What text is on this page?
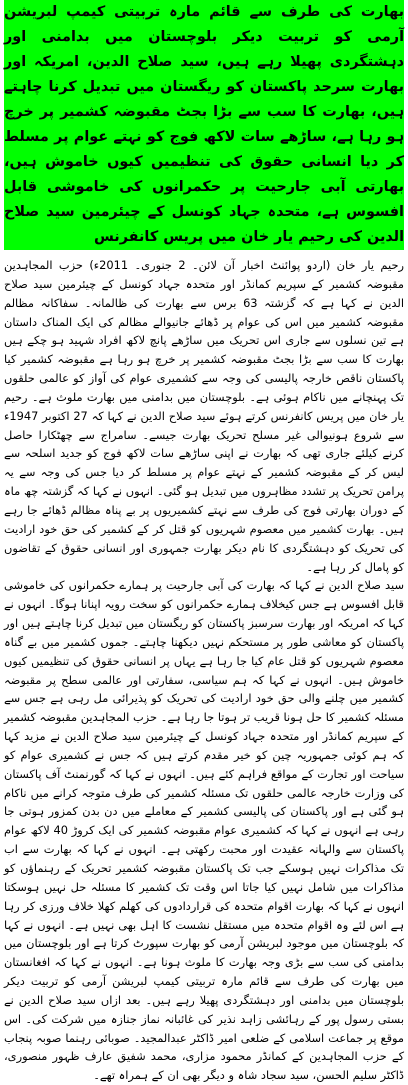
بھارت کی طرف سے قائم مارہ تربیتی کیمپ لبریشن آرمی کو تربیت دیکر بلوچستان میں بدامنی اور دہشتگردی پھیلا رہے ہیں، سید صلاح الدین، امریکہ اور بھارت سرحد پاکستان کو ریگستان میں تبدیل کرنا چاہتے ہیں، بھارت کا سب سے بڑا بجٹ مقبوضہ کشمیر پر خرچ ہو رہا ہے، ساڑھے سات لاکھ فوج کو نہتے عوام پر مسلط کر دیا انسانی حقوق کی تنظیمیں کیوں خاموش ہیں، بھارتی آبی جارحیت پر حکمرانوں کی خاموشی قابل افسوس ہے، متحدہ جہاد کونسل کے چیئرمین سید صلاح الدین کی رحیم یار خان میں پریس کانفرنس

رحیم یار خان (اردو پوائنٹ اخبار آن لائن۔ 2 جنوری۔ 2011ء) حزب المجاہدین مقبوضہ کشمیر کے سپریم کمانڈر اور متحدہ جہاد کونسل کے چیئرمین سید صلاح الدین نے کہا ہے کہ گزشتہ 63 برس سے بھارت کی ظالمانہ۔ سفاکانہ مظالم مقبوضہ کشمیر میں اس کی عوام پر ڈھائے جانیوالے مظالم کی ایک المناک داستان ہے تین نسلوں سے جاری اس تحریک میں ساڑھے پانچ لاکھ افراد شہید ہو چکے ہیں بھارت کا سب سے بڑا بجٹ مقبوضہ کشمیر پر خرچ ہو رہا ہے مقبوضہ کشمیر کیا پاکستان ناقص خارجہ پالیسی کی وجہ سے کشمیری عوام کی آواز کو عالمی حلقوں تک پہنچانے میں ناکام ہوئی ہے۔ بلوچستان میں بدامنی میں بھارت ملوث ہے۔ رحیم یار خان میں پریس کانفرنس کرتے ہوئے سید صلاح الدین نے کہا کہ 27 اکتوبر 1947ء سے شروع ہونیوالی غیر مسلح تحریک بھارت جیسے۔ سامراج سے چھٹکارا حاصل کرنے کیلئے جاری تھی کہ بھارت نے اپنی ساڑھے سات لاکھ فوج کو جدید اسلحہ سے لیس کر کے مقبوضہ کشمیر کے نہتے عوام پر مسلط کر دیا جس کی وجہ سے یہ پرامن تحریک پر تشدد مظاہروں میں تبدیل ہو گئی۔ انہوں نے کہا کہ گزشتہ چھ ماہ کے دوران بھارتی فوج کی طرف سے نہتے کشمیریوں پر بے پناہ مظالم ڈھائے جا رہے ہیں۔ بھارت کشمیر میں معصوم شہریوں کو قتل کر کے کشمیر کی حق خود ارادیت کی تحریک کو دہشتگردی کا نام دیکر بھارت جمہوری اور انسانی حقوق کے تقاضوں کو پامال کر رہا ہے۔

سید صلاح الدین نے کہا کہ بھارت کی آبی جارحیت پر ہمارے حکمرانوں کی خاموشی قابل افسوس ہے جس کیخلاف ہمارے حکمرانوں کو سخت رویہ اپنانا ہوگا۔ انہوں نے کہا کہ امریکہ اور بھارت سرسبز پاکستان کو ریگستان میں تبدیل کرنا چاہتے ہیں اور پاکستان کو معاشی طور پر مستحکم نہیں دیکھنا چاہتے۔ جموں کشمیر میں بے گناہ معصوم شہریوں کو قتل عام کیا جا رہا ہے یہاں پر انسانی حقوق کی تنظیمیں کیوں خاموش ہیں۔ انہوں نے کہا کہ ہم سیاسی، سفارتی اور عالمی سطح پر مقبوضہ کشمیر میں چلنے والی حق خود ارادیت کی تحریک کو پذیرائی مل رہی ہے جس سے مسئلہ کشمیر کا حل ہونا قریب تر ہوتا جا رہا ہے۔ حزب المجاہدین مقبوضہ کشمیر کے سپریم کمانڈر اور متحدہ جہاد کونسل کے چیئرمین سید صلاح الدین نے مزید کہا کہ ہم کوئی جمہوریہ چین کو خیر مقدم کرتے ہیں کہ جس نے کشمیری عوام کو سیاحت اور تجارت کے مواقع فراہم کئے ہیں۔ انہوں نے کہا کہ گورنمنٹ آف پاکستان کی وزارت خارجہ عالمی حلقوں تک مسئلہ کشمیر کی طرف متوجہ کرانے میں ناکام ہو گئی ہے اور پاکستان کی پالیسی کشمیر کے معاملے میں دن بدن کمزور ہوتی جا رہی ہے انہوں نے کہا کہ کشمیری عوام مقبوضہ کشمیر کی ایک کروڑ 40 لاکھ عوام پاکستان سے والہانہ عقیدت اور محبت رکھتی ہے۔ انہوں نے کہا کہ بھارت سے اب تک مذاکرات نہیں ہوسکے جب تک پاکستان مقبوضہ کشمیر تحریک کے رہنماؤں کو مذاکرات میں شامل نہیں کیا جاتا اس وقت تک کشمیر کا مسئلہ حل نہیں ہوسکتا انہوں نے کہا کہ بھارت اقوام متحدہ کی قراردادوں کی کھلم کھلا خلاف ورزی کر رہا ہے اس لئے وہ اقوام متحدہ میں مستقل نشست کا اہل بھی نہیں ہے۔ انہوں نے کہا کہ بلوچستان میں موجود لبریشن آرمی کو بھارت سپورٹ کرتا ہے اور بلوچستان میں بدامنی کی سب سے بڑی وجہ بھارت کا ملوث ہونا ہے۔ انہوں نے کہا کہ افغانستان میں بھارت کی طرف سے قائم مارہ تربیتی کیمپ لبریشن آرمی کو تربیت دیکر بلوچستان میں بدامنی اور دہشتگردی پھیلا رہے ہیں۔ بعد ازاں سید صلاح الدین نے بستی رسول پور کے رہائشی زاہد نذیر کی غائبانہ نماز جنازہ میں شرکت کی۔ اس موقع پر جماعت اسلامی کے ضلعی امیر ڈاکٹر عبدالمجید۔ صوبائی رہنما صوبہ پنجاب کے حزب المجاہدین کے کمانڈر محمود مزاری، محمد شفیق عارف ظہور منصوری، ڈاکٹر سلیم الحسن، سید سجاد شاہ و دیگر بھی ان کے ہمراہ تھے۔
